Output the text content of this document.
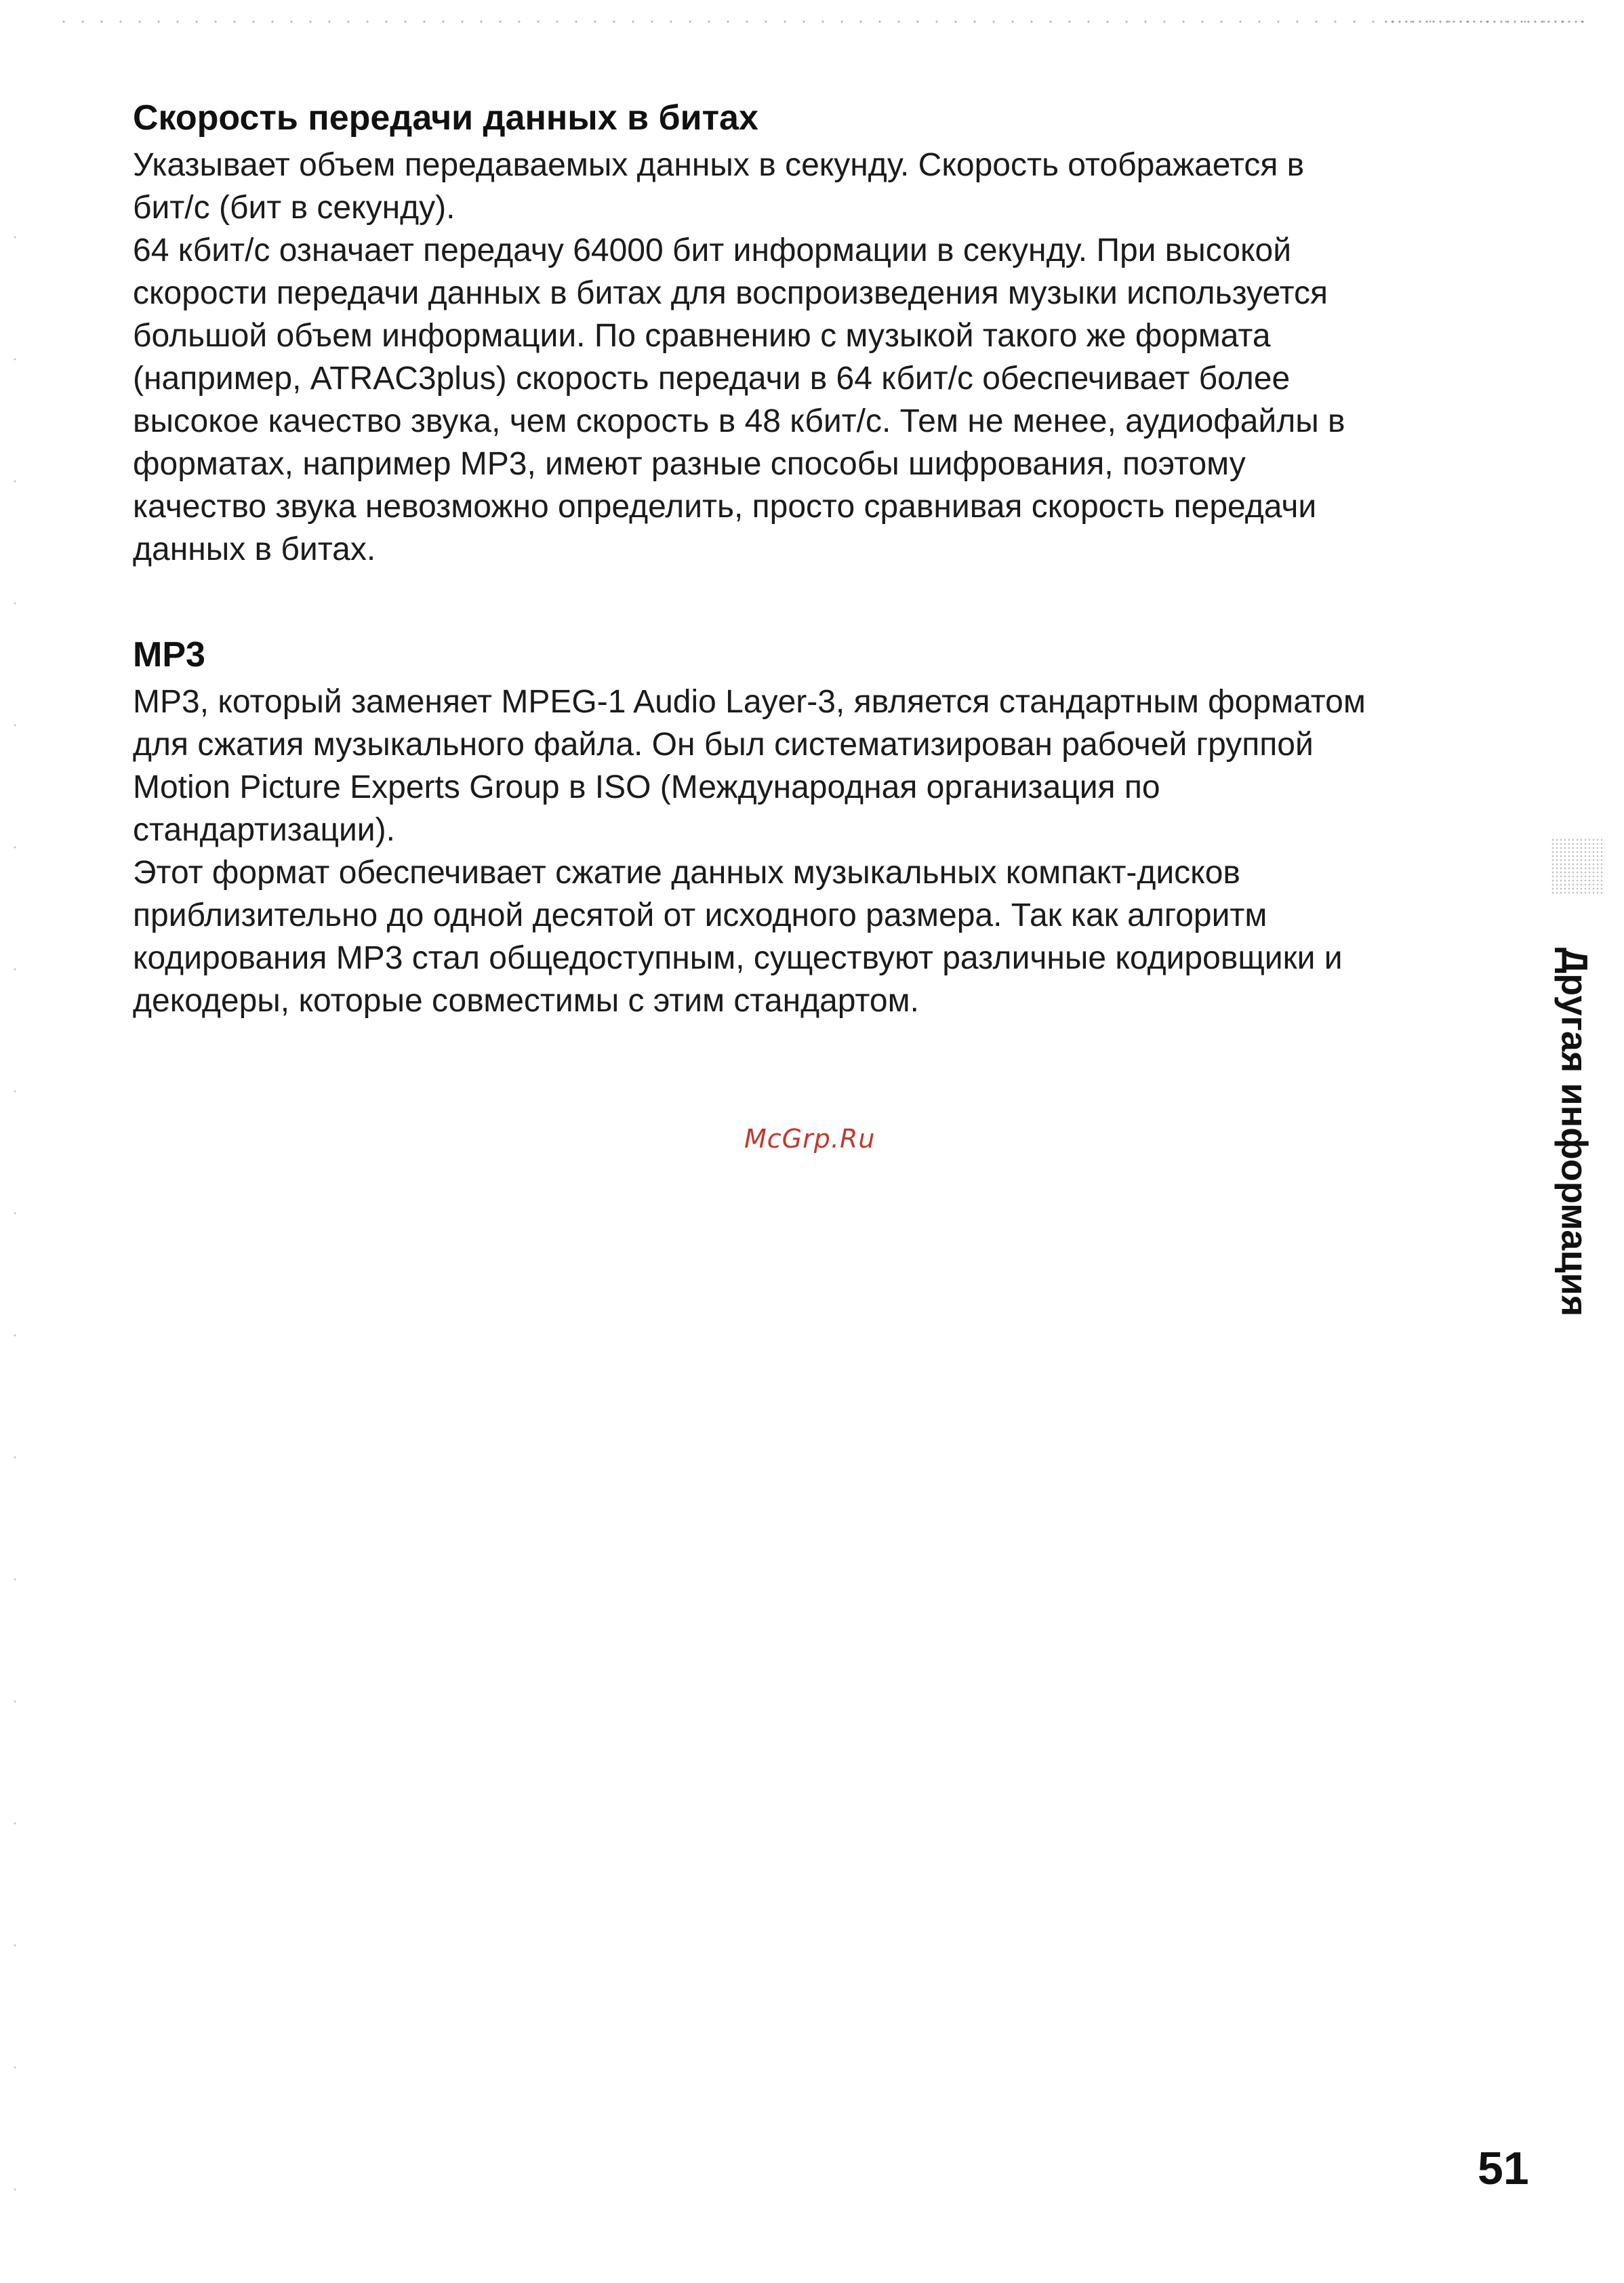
Скорость передачи данных в битах

Указывает объем передаваемых данных в секунду. Скорость отображается в
бит/с (бит в секунду).

64 кбит/с означает передачу 64000 бит информации в секунду. При высокой
скорости передачи данных в битах для воспроизведения музыки используется
большой объем информации. По сравнению с музыкой такого же формата
(например, ATRAC3plus) скорость передачи в 64 кбит/с обеспечивает более
высокое качество звука, чем скорость в 48 кбит/с. Тем не менее, аудиофайлы в
форматах, например MP3, имеют разные способы шифрования, поэтому
качество звука невозможно определить, просто сравнивая скорость передачи
данных в битах.

MP3

MP3, который заменяет MPEG-1 Audio Layer-3, является стандартным форматом
для сжатия музыкального файла. Он был систематизирован рабочей группой
Motion Picture Experts Group в ISO (Международная организация по
стандартизации).

Этот формат обеспечивает сжатие данных музыкальных компакт-дисков
приблизительно до одной десятой от исходного размера. Так как алгоритм
кодирования MP3 стал общедоступным, существуют различные кодировщики и
декодеры, которые совместимы с этим стандартом.

McGrp.Ru	Другая информация
51
